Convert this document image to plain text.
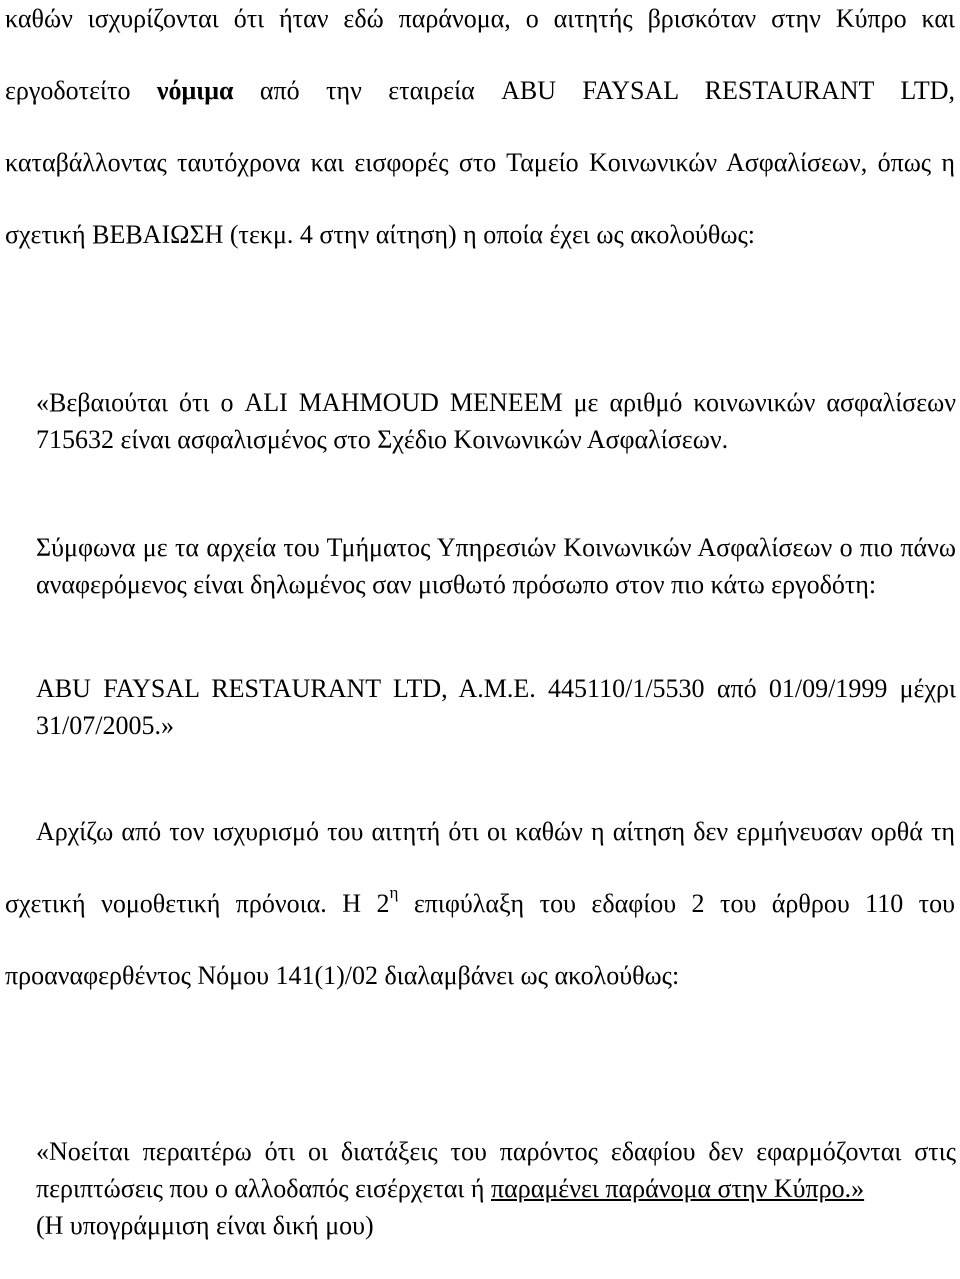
καθών ισχυρίζονται ότι ήταν εδώ παράνομα, ο αιτητής βρισκόταν στην Κύπρο και εργοδοτείτο νόμιμα από την εταιρεία ABU FAYSAL RESTAURANT LTD, καταβάλλοντας ταυτόχρονα και εισφορές στο Ταμείο Κοινωνικών Ασφαλίσεων, όπως η σχετική ΒΕΒΑΙΩΣΗ (τεκμ. 4 στην αίτηση) η οποία έχει ως ακολούθως:

«Βεβαιούται ότι ο ALI MAHMOUD MENEEM με αριθμό κοινωνικών ασφαλίσεων 715632 είναι ασφαλισμένος στο Σχέδιο Κοινωνικών Ασφαλίσεων.

Σύμφωνα με τα αρχεία του Τμήματος Υπηρεσιών Κοινωνικών Ασφαλίσεων ο πιο πάνω αναφερόμενος είναι δηλωμένος σαν μισθωτό πρόσωπο στον πιο κάτω εργοδότη:

ABU FAYSAL RESTAURANT LTD, A.M.E. 445110/1/5530 από 01/09/1999 μέχρι 31/07/2005.»

Αρχίζω από τον ισχυρισμό του αιτητή ότι οι καθών η αίτηση δεν ερμήνευσαν ορθά τη σχετική νομοθετική πρόνοια. Η $2^\eta$ επιφύλαξη του εδαφίου 2 του άρθρου 110 του προαναφερθέντος Νόμου 141(1)/02 διαλαμβάνει ως ακολούθως:

«Νοείται περαιτέρω ότι οι διατάξεις του παρόντος εδαφίου δεν εφαρμόζονται στις περιπτώσεις που ο αλλοδαπός εισέρχεται ή παραμένει παράνομα στην Κύπρο.»

(Η υπογράμμιση είναι δική μου)
